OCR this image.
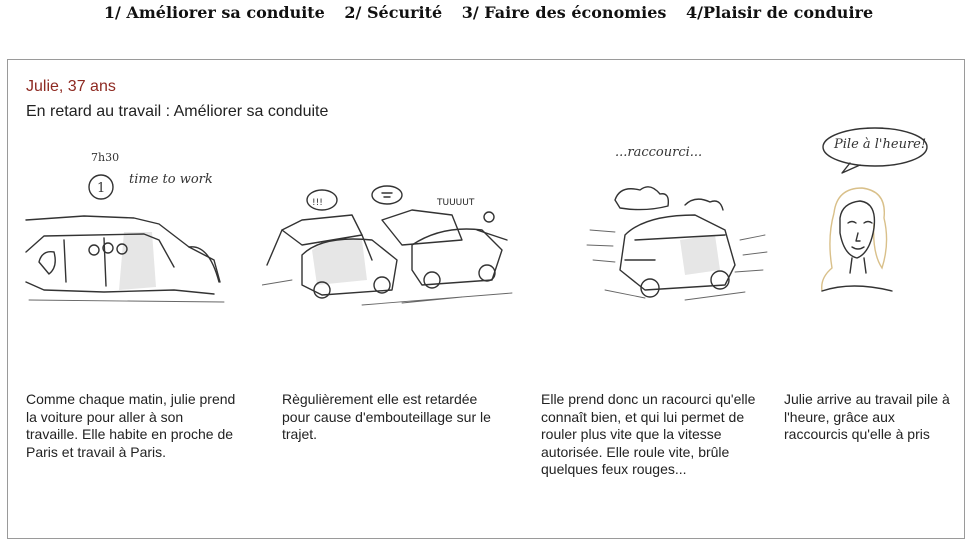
1/ Améliorer sa conduite 2/ Sécurité 3/ Faire des économies 4/Plaisir de conduire
Julie, 37 ans
En retard au travail : Améliorer sa conduite
7h30
1
time to work
!!!	TUUUUT
...raccourci...
Pile à l'heure!
Comme chaque matin, julie prend la voiture pour aller à son travaille. Elle habite en proche de Paris et travail à Paris.
Règulièrement elle est retardée pour cause d'embouteillage sur le trajet.
Elle prend donc un racourci qu'elle connaît bien, et qui lui permet de rouler plus vite que la vitesse autorisée. Elle roule vite, brûle quelques feux rouges...
Julie arrive au travail pile à l'heure, grâce aux raccourcis qu'elle à pris
